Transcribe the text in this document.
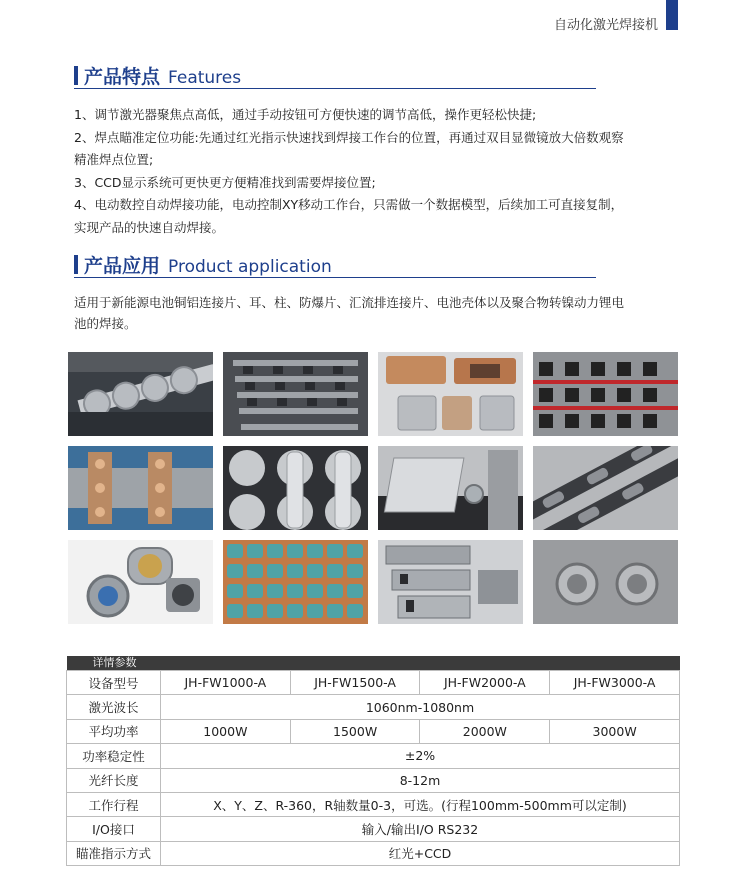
自动化激光焊接机
产品特点 Features

1、调节激光器聚焦点高低，通过手动按钮可方便快速的调节高低，操作更轻松快捷;

2、焊点瞄准定位功能:先通过红光指示快速找到焊接工作台的位置，再通过双目显微镜放大倍数观察

精准焊点位置;

3、CCD显示系统可更快更方便精准找到需要焊接位置;

4、电动数控自动焊接功能，电动控制XY移动工作台，只需做一个数据模型，后续加工可直接复制，

实现产品的快速自动焊接。

产品应用 Product application

适用于新能源电池铜铝连接片、耳、柱、防爆片、汇流排连接片、电池壳体以及聚合物转镍动力锂电

池的焊接。

详情参数				
设备型号	JH-FW1000-A	JH-FW1500-A	JH-FW2000-A	JH-FW3000-A
激光波长	1060nm-1080nm			
平均功率	1000W	1500W	2000W	3000W
功率稳定性	±2%			
光纤长度	8-12m			
工作行程	X、Y、Z、R-360，R轴数量0-3，可选。(行程100mm-500mm可以定制)			
I/O接口	输入/输出I/O RS232			
瞄准指示方式	红光+CCD			
